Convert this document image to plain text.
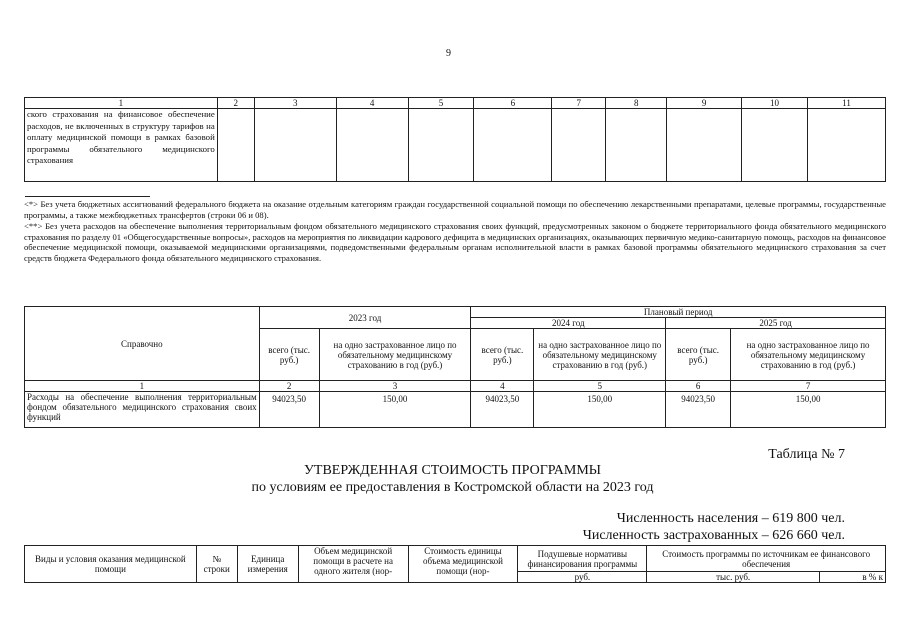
9
1	2	3	4	5	6	7	8	9	10	11
ского страхования на финансовое обеспечение расходов, не включенных в структуру тарифов на оплату медицинской помощи в рамках базовой программы обязательного медицинского страхования										

<*> Без учета бюджетных ассигнований федерального бюджета на оказание отдельным категориям граждан государственной социальной помощи по обеспечению лекарственными препаратами, целевые программы, государственные программы, а также межбюджетных трансфертов (строки 06 и 08).

<**> Без учета расходов на обеспечение выполнения территориальным фондом обязательного медицинского страхования своих функций, предусмотренных законом о бюджете территориального фонда обязательного медицинского страхования по разделу 01 «Общегосударственные вопросы», расходов на мероприятия по ликвидации кадрового дефицита в медицинских организациях, оказывающих первичную медико-санитарную помощь, расходов на финансовое обеспечение медицинской помощи, оказываемой медицинскими организациями, подведомственными федеральным органам исполнительной власти в рамках базовой программы обязательного медицинского страхования за счет средств бюджета Федерального фонда обязательного медицинского страхования.

Справочно	2023 год		Плановый период			
			2024 год		2025 год	
	всего (тыс. руб.)	на одно застрахованное лицо по обязательному медицинскому страхованию в год (руб.)	всего (тыс. руб.)	на одно застрахованное лицо по обязательному медицинскому страхованию в год (руб.)	всего (тыс. руб.)	на одно застрахованное лицо по обязательному медицинскому страхованию в год (руб.)
1	2	3	4	5	6	7
Расходы на обеспечение выполнения территориальным фондом обязательного медицинского страхования своих функций	94023,50	150,00	94023,50	150,00	94023,50	150,00
Таблица № 7
УТВЕРЖДЕННАЯ СТОИМОСТЬ ПРОГРАММЫ
по условиям ее предоставления в Костромской области на 2023 год
Численность населения – 619 800 чел.
Численность застрахованных – 626 660 чел.
Виды и условия оказания медицинской помощи	№ строки	Единица измерения	Объем медицинской помощи в расчете на одного жителя (нор-	Стоимость единицы объема медицинской помощи (нор-	Подушевые нормативы финансирования программы	Стоимость программы по источникам ее финансового обеспечения	
					руб.	тыс. руб.	в % к
